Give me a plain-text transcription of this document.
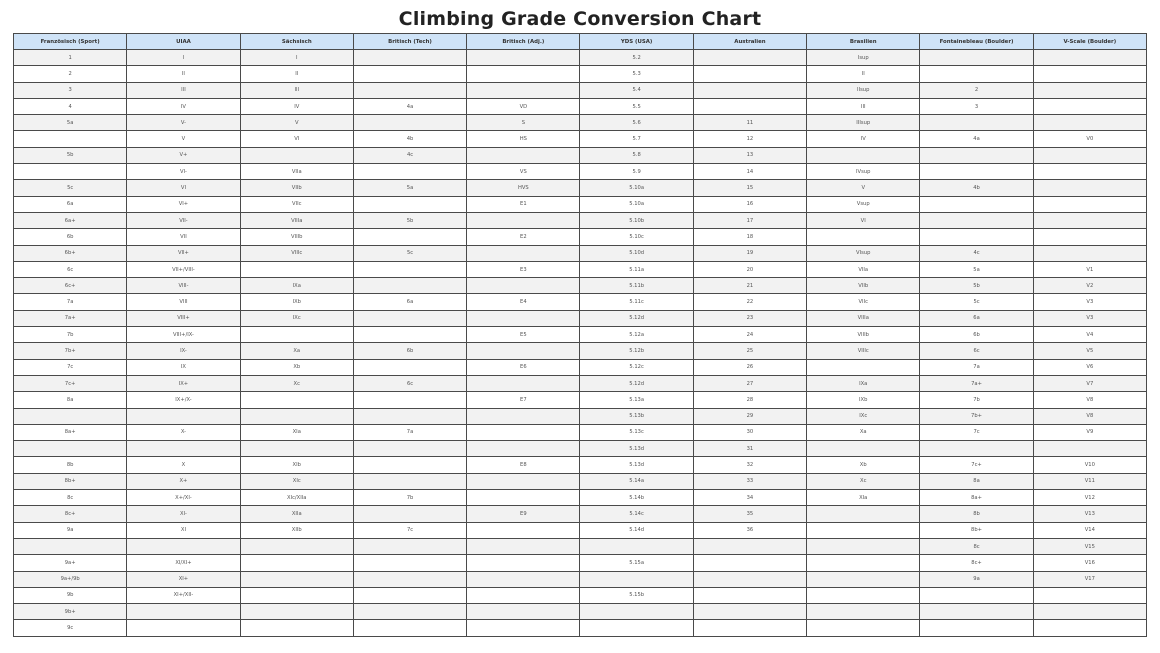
Climbing Grade Conversion Chart
Französisch (Sport)	UIAA	Sächsisch	Britisch (Tech)	Britisch (Adj.)	YDS (USA)	Australien	Brasilien	Fontainebleau (Boulder)	V-Scale (Boulder)
1	I	I			5.2		Isup		
2	II	II			5.3		II		
3	III	III			5.4		IIsup	2	
4	IV	IV	4a	VD	5.5		III	3	
5a	V-	V		S	5.6	11	IIIsup		
	V	VI	4b	HS	5.7	12	IV	4a	V0
5b	V+		4c		5.8	13			
	VI-	VIIa		VS	5.9	14	IVsup		
5c	VI	VIIb	5a	HVS	5.10a	15	V	4b	
6a	VI+	VIIc		E1	5.10a	16	Vsup		
6a+	VII-	VIIIa	5b		5.10b	17	VI		
6b	VII	VIIIb		E2	5.10c	18			
6b+	VII+	VIIIc	5c		5.10d	19	VIsup	4c	
6c	VII+/VIII-			E3	5.11a	20	VIIa	5a	V1
6c+	VIII-	IXa			5.11b	21	VIIb	5b	V2
7a	VIII	IXb	6a	E4	5.11c	22	VIIc	5c	V3
7a+	VIII+	IXc			5.12d	23	VIIIa	6a	V3
7b	VIII+/IX-			E5	5.12a	24	VIIIb	6b	V4
7b+	IX-	Xa	6b		5.12b	25	VIIIc	6c	V5
7c	IX	Xb		E6	5.12c	26		7a	V6
7c+	IX+	Xc	6c		5.12d	27	IXa	7a+	V7
8a	IX+/X-			E7	5.13a	28	IXb	7b	V8
					5.13b	29	IXc	7b+	V8
8a+	X-	XIa	7a		5.13c	30	Xa	7c	V9
					5.13d	31			
8b	X	XIb		E8	5.13d	32	Xb	7c+	V10
8b+	X+	XIc			5.14a	33	Xc	8a	V11
8c	X+/XI-	XIc/XIIa	7b		5.14b	34	XIa	8a+	V12
8c+	XI-	XIIa		E9	5.14c	35		8b	V13
9a	XI	XIIb	7c		5.14d	36		8b+	V14
								8c	V15
9a+	XI/XI+				5.15a			8c+	V16
9a+/9b	XI+							9a	V17
9b	XI+/XII-				5.15b				
9b+									
9c									
